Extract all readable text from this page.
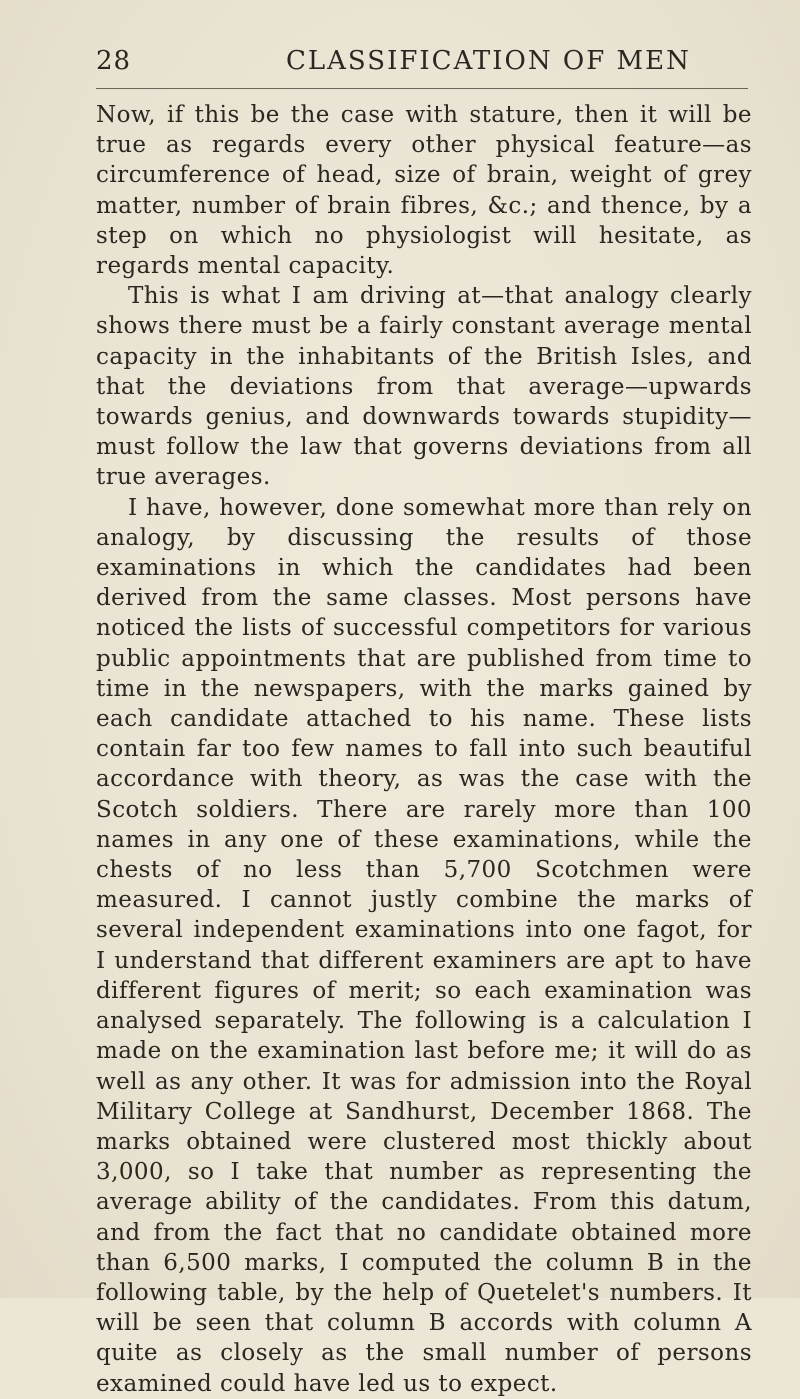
28	CLASSIFICATION OF MEN

Now, if this be the case with stature, then it will be true as regards every other physical feature—as circumference of head, size of brain, weight of grey matter, number of brain fibres, &c.; and thence, by a step on which no physiologist will hesitate, as regards mental capacity.

This is what I am driving at—that analogy clearly shows there must be a fairly constant average mental capacity in the inhabitants of the British Isles, and that the deviations from that average—upwards towards genius, and downwards towards stupidity—must follow the law that governs deviations from all true averages.

I have, however, done somewhat more than rely on analogy, by discussing the results of those examinations in which the candidates had been derived from the same classes. Most persons have noticed the lists of successful competitors for various public appointments that are published from time to time in the newspapers, with the marks gained by each candidate attached to his name. These lists contain far too few names to fall into such beautiful accordance with theory, as was the case with the Scotch soldiers. There are rarely more than 100 names in any one of these examinations, while the chests of no less than 5,700 Scotchmen were measured. I cannot justly combine the marks of several independent examinations into one fagot, for I understand that different examiners are apt to have different figures of merit; so each examination was analysed separately. The following is a calculation I made on the examination last before me; it will do as well as any other. It was for admission into the Royal Military College at Sandhurst, December 1868. The marks obtained were clustered most thickly about 3,000, so I take that number as representing the average ability of the candidates. From this datum, and from the fact that no candidate obtained more than 6,500 marks, I computed the column B in the following table, by the help of Quetelet's numbers. It will be seen that column B accords with column A quite as closely as the small number of persons examined could have led us to expect.
